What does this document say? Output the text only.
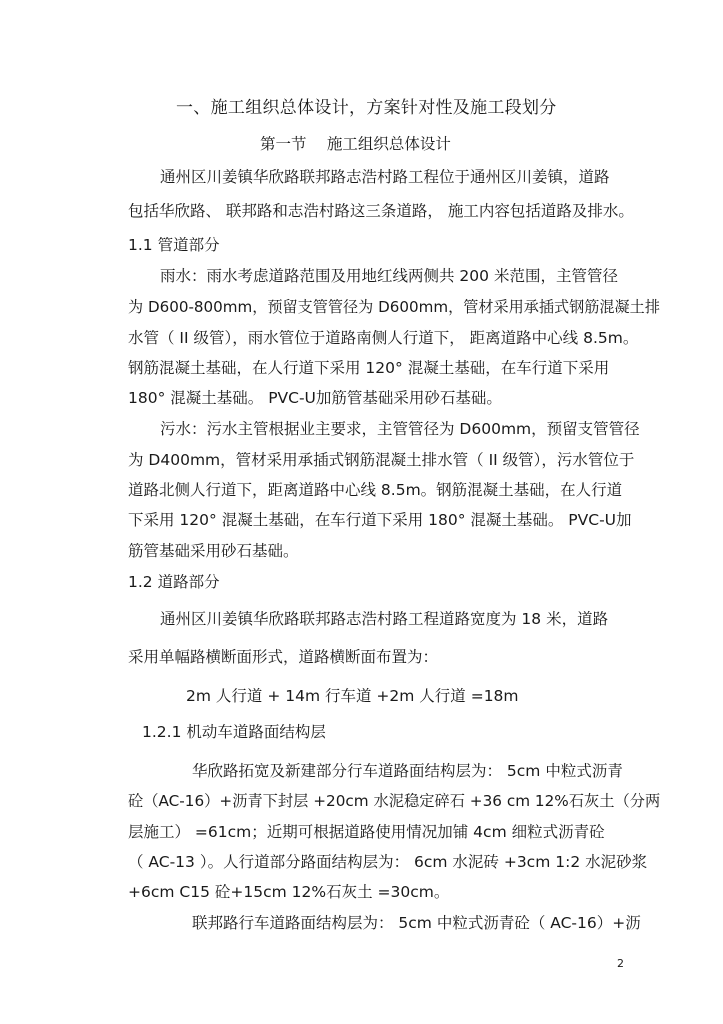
一、施工组织总体设计，方案针对性及施工段划分
第一节　 施工组织总体设计
通州区川姜镇华欣路联邦路志浩村路工程位于通州区川姜镇，道路
包括华欣路、 联邦路和志浩村路这三条道路， 施工内容包括道路及排水。
1.1 管道部分
雨水：雨水考虑道路范围及用地红线两侧共 200 米范围，主管管径
为 D600-800mm，预留支管管径为 D600mm，管材采用承插式钢筋混凝土排
水管（ II 级管），雨水管位于道路南侧人行道下， 距离道路中心线 8.5m。
钢筋混凝土基础，在人行道下采用 120° 混凝土基础，在车行道下采用
180° 混凝土基础。 PVC-U加筋管基础采用砂石基础。
污水：污水主管根据业主要求，主管管径为 D600mm，预留支管管径
为 D400mm，管材采用承插式钢筋混凝土排水管（ II 级管），污水管位于
道路北侧人行道下，距离道路中心线 8.5m。钢筋混凝土基础，在人行道
下采用 120° 混凝土基础，在车行道下采用 180° 混凝土基础。 PVC-U加
筋管基础采用砂石基础。
1.2 道路部分
通州区川姜镇华欣路联邦路志浩村路工程道路宽度为 18 米，道路
采用单幅路横断面形式，道路横断面布置为：
2m 人行道 + 14m 行车道 +2m 人行道 =18m
1.2.1 机动车道路面结构层
华欣路拓宽及新建部分行车道路面结构层为： 5cm 中粒式沥青
砼（AC-16）+沥青下封层 +20cm 水泥稳定碎石 +36 cm 12%石灰土（分两
层施工） =61cm；近期可根据道路使用情况加铺 4cm 细粒式沥青砼
（ AC-13 ）。人行道部分路面结构层为： 6cm 水泥砖 +3cm 1:2 水泥砂浆
+6cm C15 砼+15cm 12%石灰土 =30cm。
联邦路行车道路面结构层为： 5cm 中粒式沥青砼（ AC-16）+沥
2
